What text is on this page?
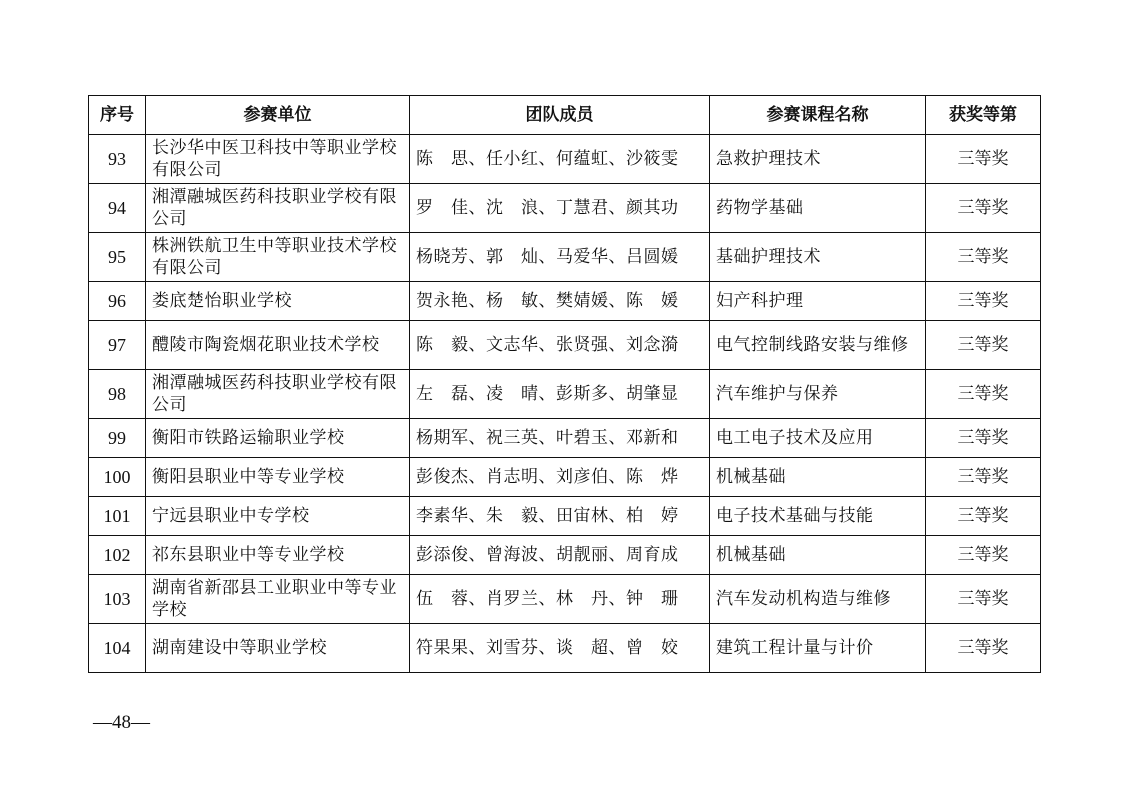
序号	参赛单位	团队成员	参赛课程名称	获奖等第
93	长沙华中医卫科技中等职业学校有限公司	陈　思、任小红、何蕴虹、沙筱雯	急救护理技术	三等奖
94	湘潭融城医药科技职业学校有限公司	罗　佳、沈　浪、丁慧君、颜其功	药物学基础	三等奖
95	株洲铁航卫生中等职业技术学校有限公司	杨晓芳、郭　灿、马爱华、吕圆媛	基础护理技术	三等奖
96	娄底楚怡职业学校	贺永艳、杨　敏、樊婧媛、陈　媛	妇产科护理	三等奖
97	醴陵市陶瓷烟花职业技术学校	陈　毅、文志华、张贤强、刘念漪	电气控制线路安装与维修	三等奖
98	湘潭融城医药科技职业学校有限公司	左　磊、凌　晴、彭斯多、胡肇显	汽车维护与保养	三等奖
99	衡阳市铁路运输职业学校	杨期军、祝三英、叶碧玉、邓新和	电工电子技术及应用	三等奖
100	衡阳县职业中等专业学校	彭俊杰、肖志明、刘彦伯、陈　烨	机械基础	三等奖
101	宁远县职业中专学校	李素华、朱　毅、田宙林、柏　婷	电子技术基础与技能	三等奖
102	祁东县职业中等专业学校	彭添俊、曾海波、胡靓丽、周育成	机械基础	三等奖
103	湖南省新邵县工业职业中等专业学校	伍　蓉、肖罗兰、林　丹、钟　珊	汽车发动机构造与维修	三等奖
104	湖南建设中等职业学校	符果果、刘雪芬、谈　超、曾　姣	建筑工程计量与计价	三等奖
—48—
